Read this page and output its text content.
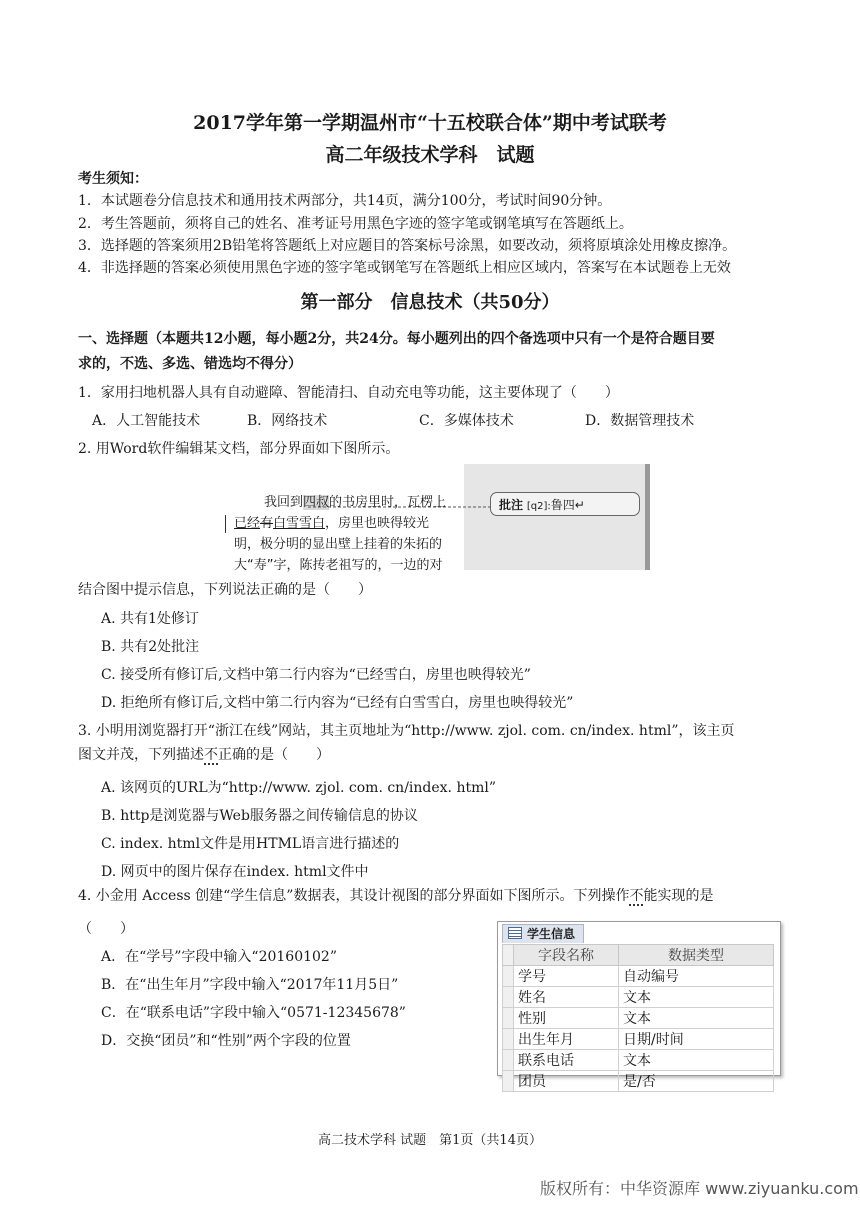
2017学年第一学期温州市“十五校联合体”期中考试联考
高二年级技术学科　试题
考生须知：
1．本试题卷分信息技术和通用技术两部分，共14页，满分100分，考试时间90分钟。
2．考生答题前，须将自己的姓名、准考证号用黑色字迹的签字笔或钢笔填写在答题纸上。
3．选择题的答案须用2B铅笔将答题纸上对应题目的答案标号涂黑，如要改动，须将原填涂处用橡皮擦净。
4．非选择题的答案必须使用黑色字迹的签字笔或钢笔写在答题纸上相应区域内，答案写在本试题卷上无效
第一部分　信息技术（共50分）
一、选择题（本题共12小题，每小题2分，共24分。每小题列出的四个备选项中只有一个是符合题目要
求的，不选、多选、错选均不得分）
1．家用扫地机器人具有自动避障、智能清扫、自动充电等功能，这主要体现了（　　）
A．人工智能技术	B．网络技术	C．多媒体技术	D．数据管理技术
2. 用Word软件编辑某文档，部分界面如下图所示。
我回到四叔的书房里时，瓦楞上
已经有白雪雪白，房里也映得较光
明，极分明的显出壁上挂着的朱拓的
大“寿”字，陈抟老祖写的，一边的对
批注 [q2]:鲁四↵
结合图中提示信息，下列说法正确的是（　　）
A. 共有1处修订
B. 共有2处批注
C. 接受所有修订后,文档中第二行内容为“已经雪白，房里也映得较光”
D. 拒绝所有修订后,文档中第二行内容为“已经有白雪雪白，房里也映得较光”
3. 小明用浏览器打开“浙江在线”网站，其主页地址为“http://www. zjol. com. cn/index. html”，该主页
图文并茂，下列描述不正确的是（　　）
A. 该网页的URL为“http://www. zjol. com. cn/index. html”
B. http是浏览器与Web服务器之间传输信息的协议
C. index. html文件是用HTML语言进行描述的
D. 网页中的图片保存在index. html文件中
4. 小金用 Access 创建“学生信息”数据表，其设计视图的部分界面如下图所示。下列操作不能实现的是
（　　）
A．在“学号”字段中输入“20160102”
B．在“出生年月”字段中输入“2017年11月5日”
C．在“联系电话”字段中输入“0571-12345678”
D．交换“团员”和“性别”两个字段的位置
学生信息
	字段名称	数据类型
	学号	自动编号
	姓名	文本
	性别	文本
	出生年月	日期/时间
	联系电话	文本
	团员	是/否
高二技术学科 试题　第1页（共14页）
版权所有：中华资源库 www.ziyuanku.com
